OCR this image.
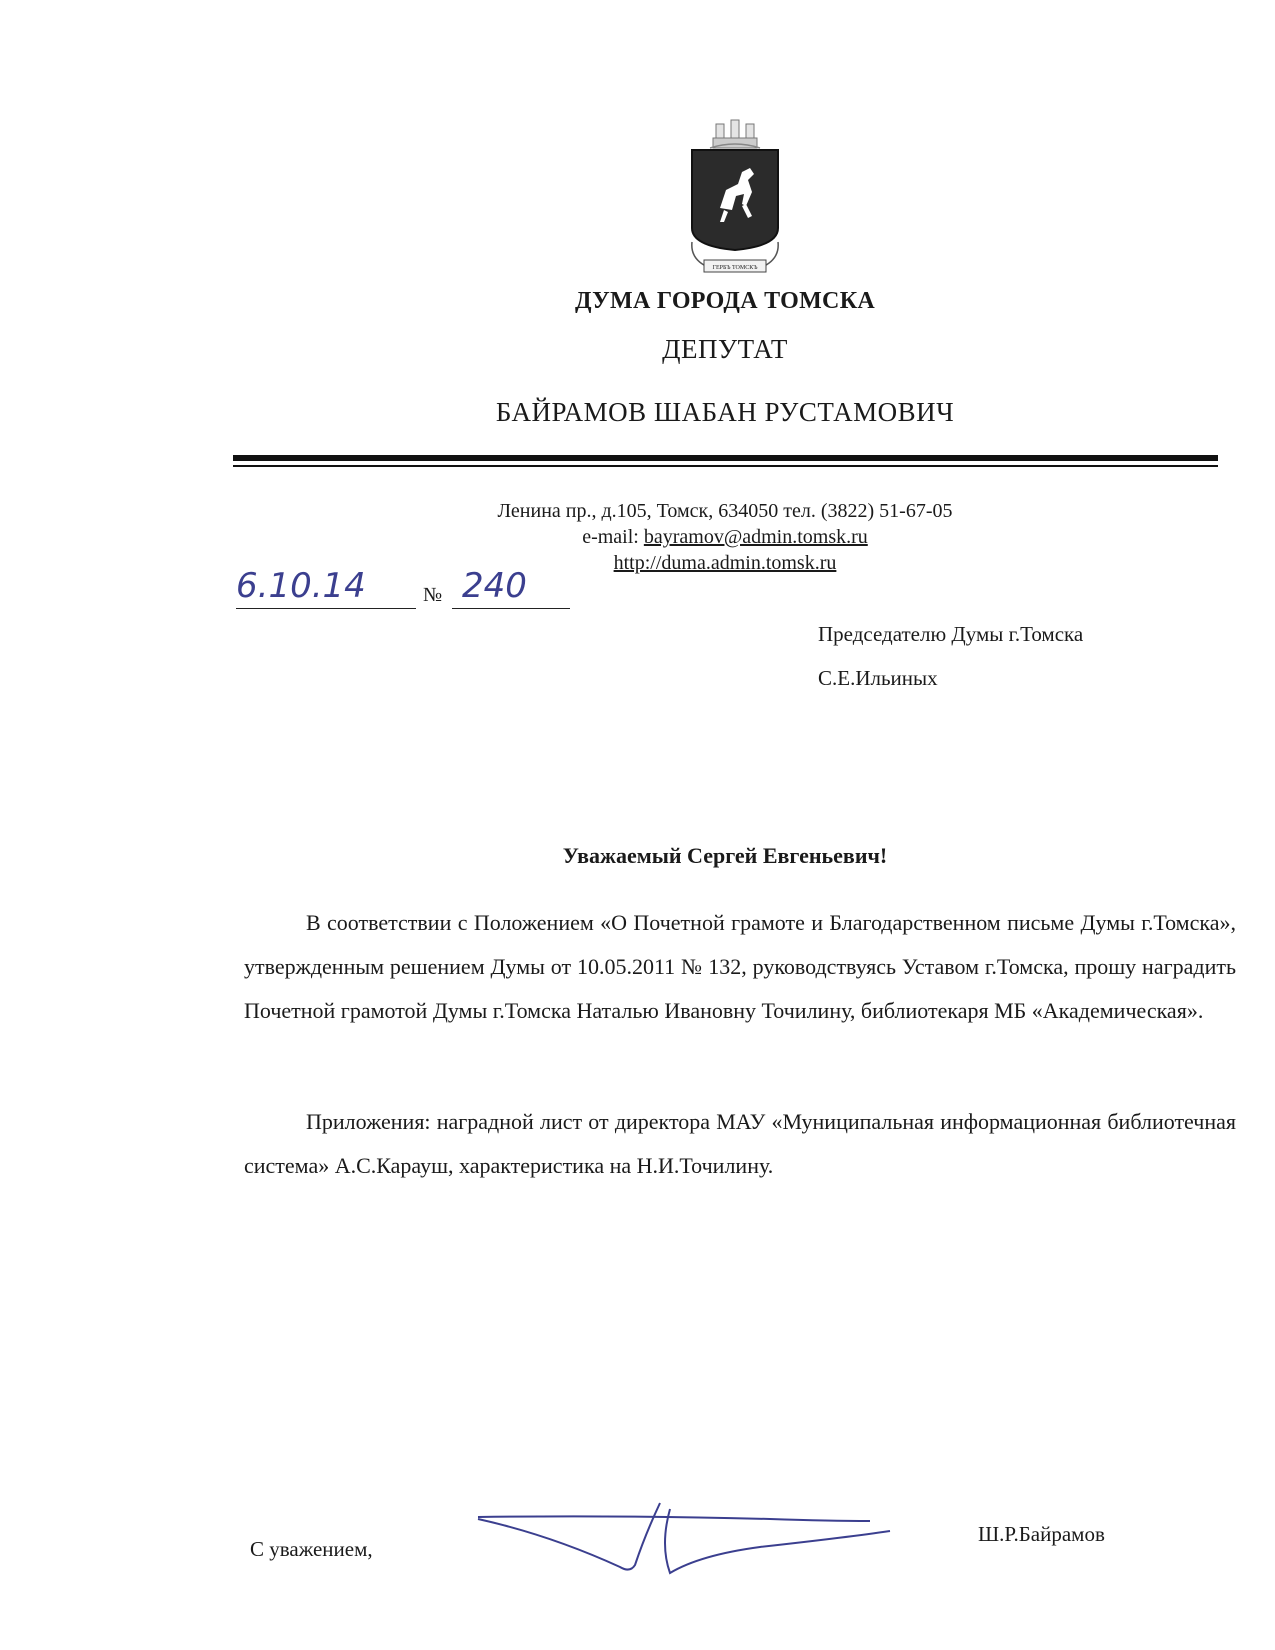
ГЕРБЪ ТОМСКЪ
ДУМА ГОРОДА ТОМСКА
ДЕПУТАТ
БАЙРАМОВ ШАБАН РУСТАМОВИЧ
Ленина пр., д.105, Томск, 634050 тел. (3822) 51-67-05
e-mail: bayramov@admin.tomsk.ru
http://duma.admin.tomsk.ru
6.10.14	№ 240
Председателю Думы г.Томска
С.Е.Ильиных
Уважаемый Сергей Евгеньевич!
В соответствии с Положением «О Почетной грамоте и Благодарственном письме Думы г.Томска», утвержденным решением Думы от 10.05.2011 № 132, руководствуясь Уставом г.Томска, прошу наградить Почетной грамотой Думы г.Томска Наталью Ивановну Точилину, библиотекаря МБ «Академическая».
Приложения: наградной лист от директора МАУ «Муниципальная информационная библиотечная система» А.С.Карауш, характеристика на Н.И.Точилину.
С уважением,
Ш.Р.Байрамов
